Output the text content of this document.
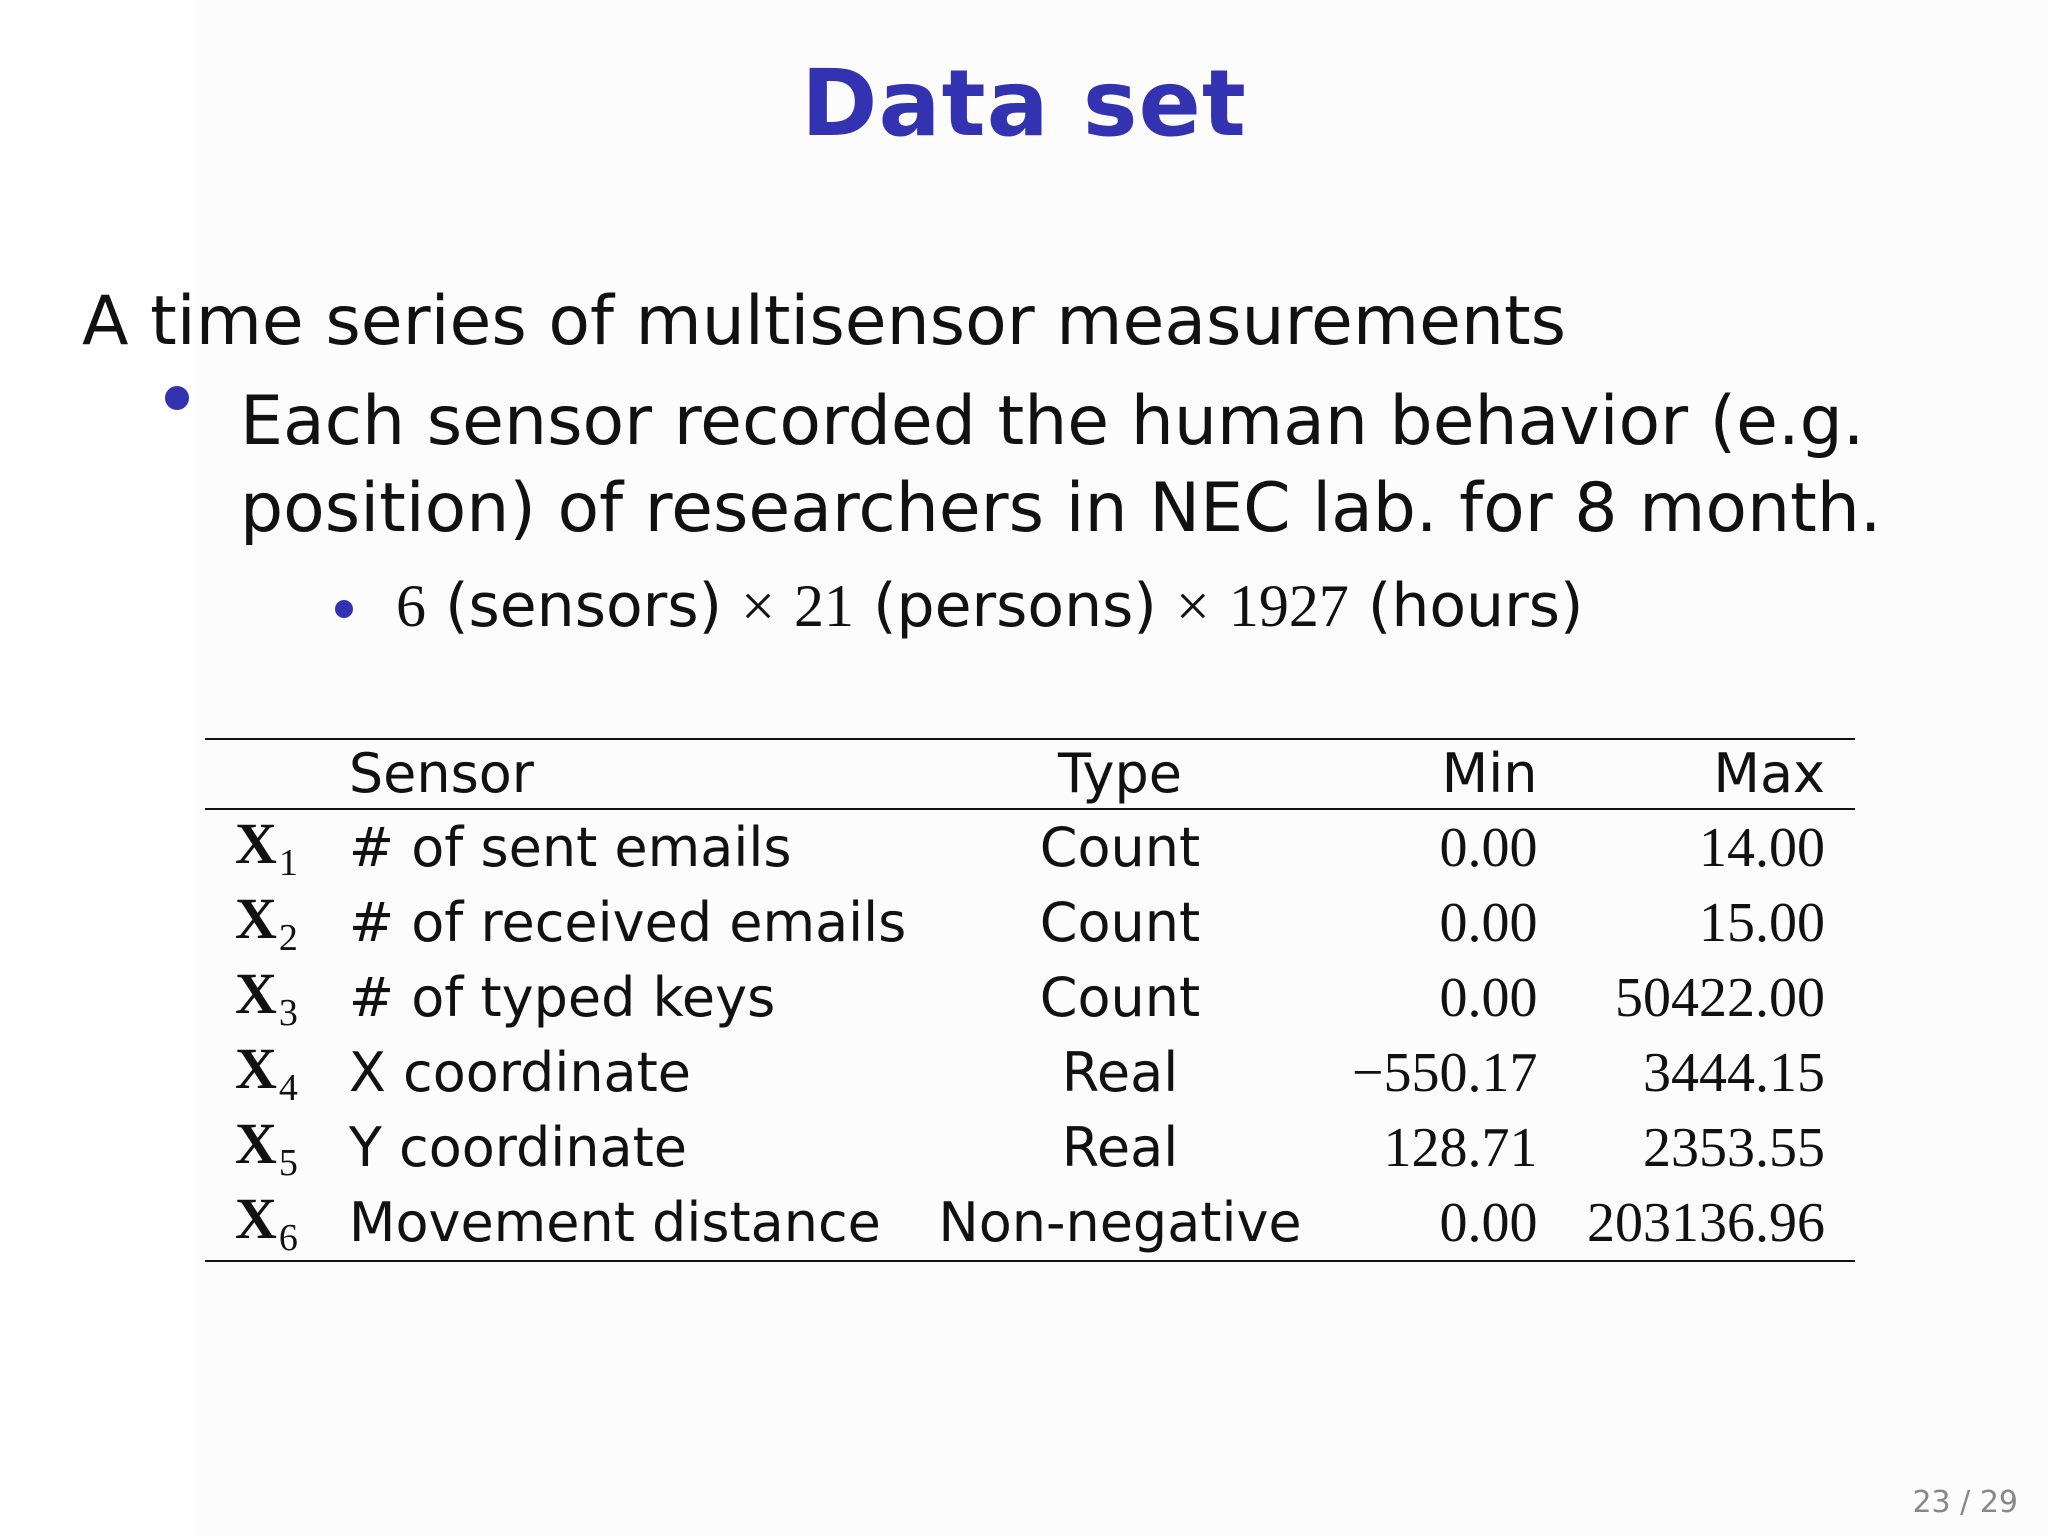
Data set
A time series of multisensor measurements
Each sensor recorded the human behavior (e.g.
position) of researchers in NEC lab. for 8 month.
6 (sensors) × 21 (persons) × 1927 (hours)
	Sensor	Type	Min	Max
$X_1$	# of sent emails	Count	0.00	14.00
$X_2$	# of received emails	Count	0.00	15.00
$X_3$	# of typed keys	Count	0.00	50422.00
$X_4$	X coordinate	Real	−550.17	3444.15
$X_5$	Y coordinate	Real	128.71	2353.55
$X_6$	Movement distance	Non-negative	0.00	203136.96
23 / 29
